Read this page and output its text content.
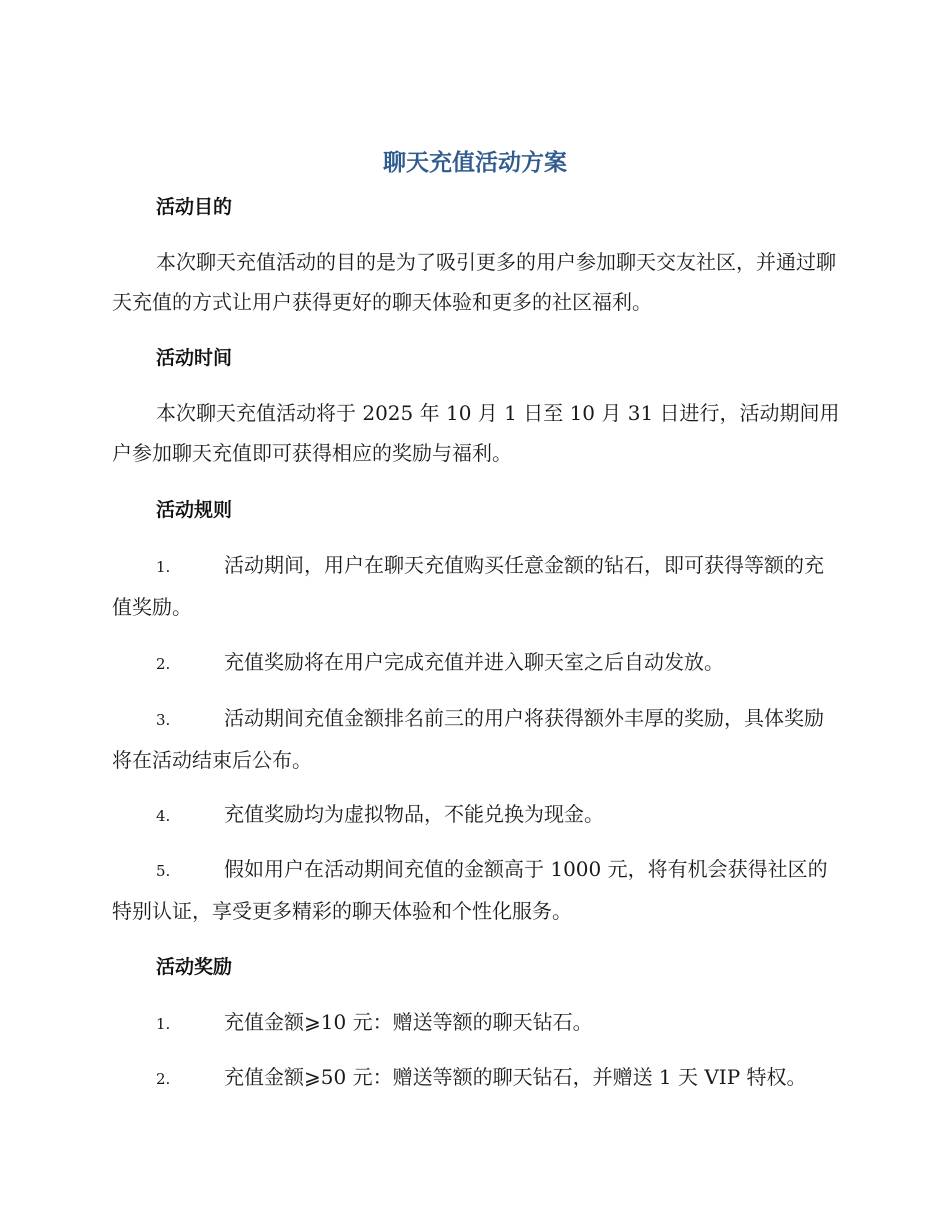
聊天充值活动方案
活动目的

本次聊天充值活动的目的是为了吸引更多的用户参加聊天交友社区，并通过聊天充值的方式让用户获得更好的聊天体验和更多的社区福利。

活动时间

本次聊天充值活动将于 2025 年 10 月 1 日至 10 月 31 日进行，活动期间用户参加聊天充值即可获得相应的奖励与福利。

活动规则

1.	活动期间，用户在聊天充值购买任意金额的钻石，即可获得等额的充值奖励。

2.	充值奖励将在用户完成充值并进入聊天室之后自动发放。

3.	活动期间充值金额排名前三的用户将获得额外丰厚的奖励，具体奖励将在活动结束后公布。

4.	充值奖励均为虚拟物品，不能兑换为现金。

5.	假如用户在活动期间充值的金额高于 1000 元，将有机会获得社区的特别认证，享受更多精彩的聊天体验和个性化服务。

活动奖励

1.	充值金额⩾10 元：赠送等额的聊天钻石。

2.	充值金额⩾50 元：赠送等额的聊天钻石，并赠送 1 天 VIP 特权。
